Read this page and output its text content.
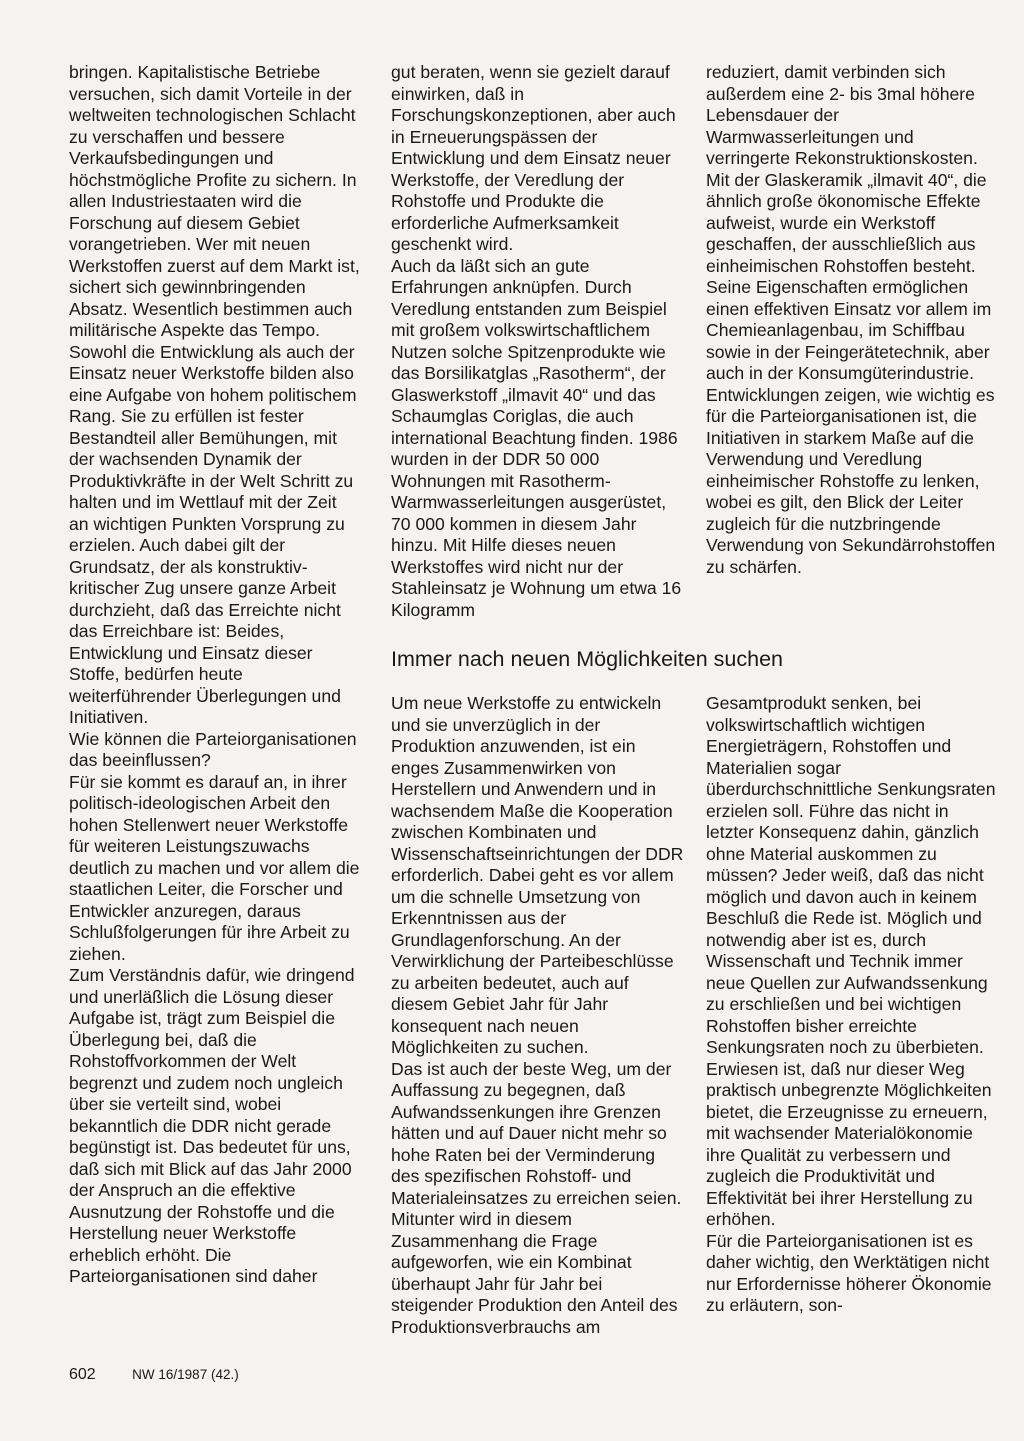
bringen. Kapitalistische Betriebe versuchen, sich damit Vorteile in der weltweiten technologischen Schlacht zu verschaffen und bessere Verkaufsbedingungen und höchstmögliche Profite zu sichern. In allen Industriestaaten wird die Forschung auf diesem Gebiet vorangetrieben. Wer mit neuen Werkstoffen zuerst auf dem Markt ist, sichert sich gewinnbringenden Absatz. Wesentlich bestimmen auch militärische Aspekte das Tempo.

Sowohl die Entwicklung als auch der Einsatz neuer Werkstoffe bilden also eine Aufgabe von hohem politischem Rang. Sie zu erfüllen ist fester Bestandteil aller Bemühungen, mit der wachsenden Dynamik der Produktivkräfte in der Welt Schritt zu halten und im Wettlauf mit der Zeit an wichtigen Punkten Vorsprung zu erzielen. Auch dabei gilt der Grundsatz, der als konstruktiv-kritischer Zug unsere ganze Arbeit durchzieht, daß das Erreichte nicht das Erreichbare ist: Beides, Entwicklung und Einsatz dieser Stoffe, bedürfen heute weiterführender Überlegungen und Initiativen.

Wie können die Parteiorganisationen das beeinflussen?

Für sie kommt es darauf an, in ihrer politisch-ideologischen Arbeit den hohen Stellenwert neuer Werkstoffe für weiteren Leistungszuwachs deutlich zu machen und vor allem die staatlichen Leiter, die Forscher und Entwickler anzuregen, daraus Schlußfolgerungen für ihre Arbeit zu ziehen.

Zum Verständnis dafür, wie dringend und unerläßlich die Lösung dieser Aufgabe ist, trägt zum Beispiel die Überlegung bei, daß die Rohstoffvorkommen der Welt begrenzt und zudem noch ungleich über sie verteilt sind, wobei bekanntlich die DDR nicht gerade begünstigt ist. Das bedeutet für uns, daß sich mit Blick auf das Jahr 2000 der Anspruch an die effektive Ausnutzung der Rohstoffe und die Herstellung neuer Werkstoffe erheblich erhöht. Die Parteiorganisationen sind daher

gut beraten, wenn sie gezielt darauf einwirken, daß in Forschungskonzeptionen, aber auch in Erneuerungspässen der Entwicklung und dem Einsatz neuer Werkstoffe, der Veredlung der Rohstoffe und Produkte die erforderliche Aufmerksamkeit geschenkt wird.

Auch da läßt sich an gute Erfahrungen anknüpfen. Durch Veredlung entstanden zum Beispiel mit großem volkswirtschaftlichem Nutzen solche Spitzenprodukte wie das Borsilikatglas „Rasotherm“, der Glaswerkstoff „ilmavit 40“ und das Schaumglas Coriglas, die auch international Beachtung finden. 1986 wurden in der DDR 50 000 Wohnungen mit Rasotherm-Warmwasserleitungen ausgerüstet, 70 000 kommen in diesem Jahr hinzu. Mit Hilfe dieses neuen Werkstoffes wird nicht nur der Stahleinsatz je Wohnung um etwa 16 Kilogramm

reduziert, damit verbinden sich außerdem eine 2- bis 3mal höhere Lebensdauer der Warmwasserleitungen und verringerte Rekonstruktionskosten. Mit der Glaskeramik „ilmavit 40“, die ähnlich große ökonomische Effekte aufweist, wurde ein Werkstoff geschaffen, der ausschließlich aus einheimischen Rohstoffen besteht. Seine Eigenschaften ermöglichen einen effektiven Einsatz vor allem im Chemieanlagenbau, im Schiffbau sowie in der Feingerätetechnik, aber auch in der Konsumgüterindustrie.

Entwicklungen zeigen, wie wichtig es für die Parteiorganisationen ist, die Initiativen in starkem Maße auf die Verwendung und Veredlung einheimischer Rohstoffe zu lenken, wobei es gilt, den Blick der Leiter zugleich für die nutzbringende Verwendung von Sekundärrohstoffen zu schärfen.

Immer nach neuen Möglichkeiten suchen

Um neue Werkstoffe zu entwickeln und sie unverzüglich in der Produktion anzuwenden, ist ein enges Zusammenwirken von Herstellern und Anwendern und in wachsendem Maße die Kooperation zwischen Kombinaten und Wissenschaftseinrichtungen der DDR erforderlich. Dabei geht es vor allem um die schnelle Umsetzung von Erkenntnissen aus der Grundlagenforschung. An der Verwirklichung der Parteibeschlüsse zu arbeiten bedeutet, auch auf diesem Gebiet Jahr für Jahr konsequent nach neuen Möglichkeiten zu suchen.

Das ist auch der beste Weg, um der Auffassung zu begegnen, daß Aufwandssenkungen ihre Grenzen hätten und auf Dauer nicht mehr so hohe Raten bei der Verminderung des spezifischen Rohstoff- und Materialeinsatzes zu erreichen seien. Mitunter wird in diesem Zusammenhang die Frage aufgeworfen, wie ein Kombinat überhaupt Jahr für Jahr bei steigender Produktion den Anteil des Produktionsverbrauchs am

Gesamtprodukt senken, bei volkswirtschaftlich wichtigen Energieträgern, Rohstoffen und Materialien sogar überdurchschnittliche Senkungsraten erzielen soll. Führe das nicht in letzter Konsequenz dahin, gänzlich ohne Material auskommen zu müssen? Jeder weiß, daß das nicht möglich und davon auch in keinem Beschluß die Rede ist. Möglich und notwendig aber ist es, durch Wissenschaft und Technik immer neue Quellen zur Aufwandssenkung zu erschließen und bei wichtigen Rohstoffen bisher erreichte Senkungsraten noch zu überbieten. Erwiesen ist, daß nur dieser Weg praktisch unbegrenzte Möglichkeiten bietet, die Erzeugnisse zu erneuern, mit wachsender Materialökonomie ihre Qualität zu verbessern und zugleich die Produktivität und Effektivität bei ihrer Herstellung zu erhöhen.

Für die Parteiorganisationen ist es daher wichtig, den Werktätigen nicht nur Erfordernisse höherer Ökonomie zu erläutern, son-

602	NW 16/1987 (42.)
